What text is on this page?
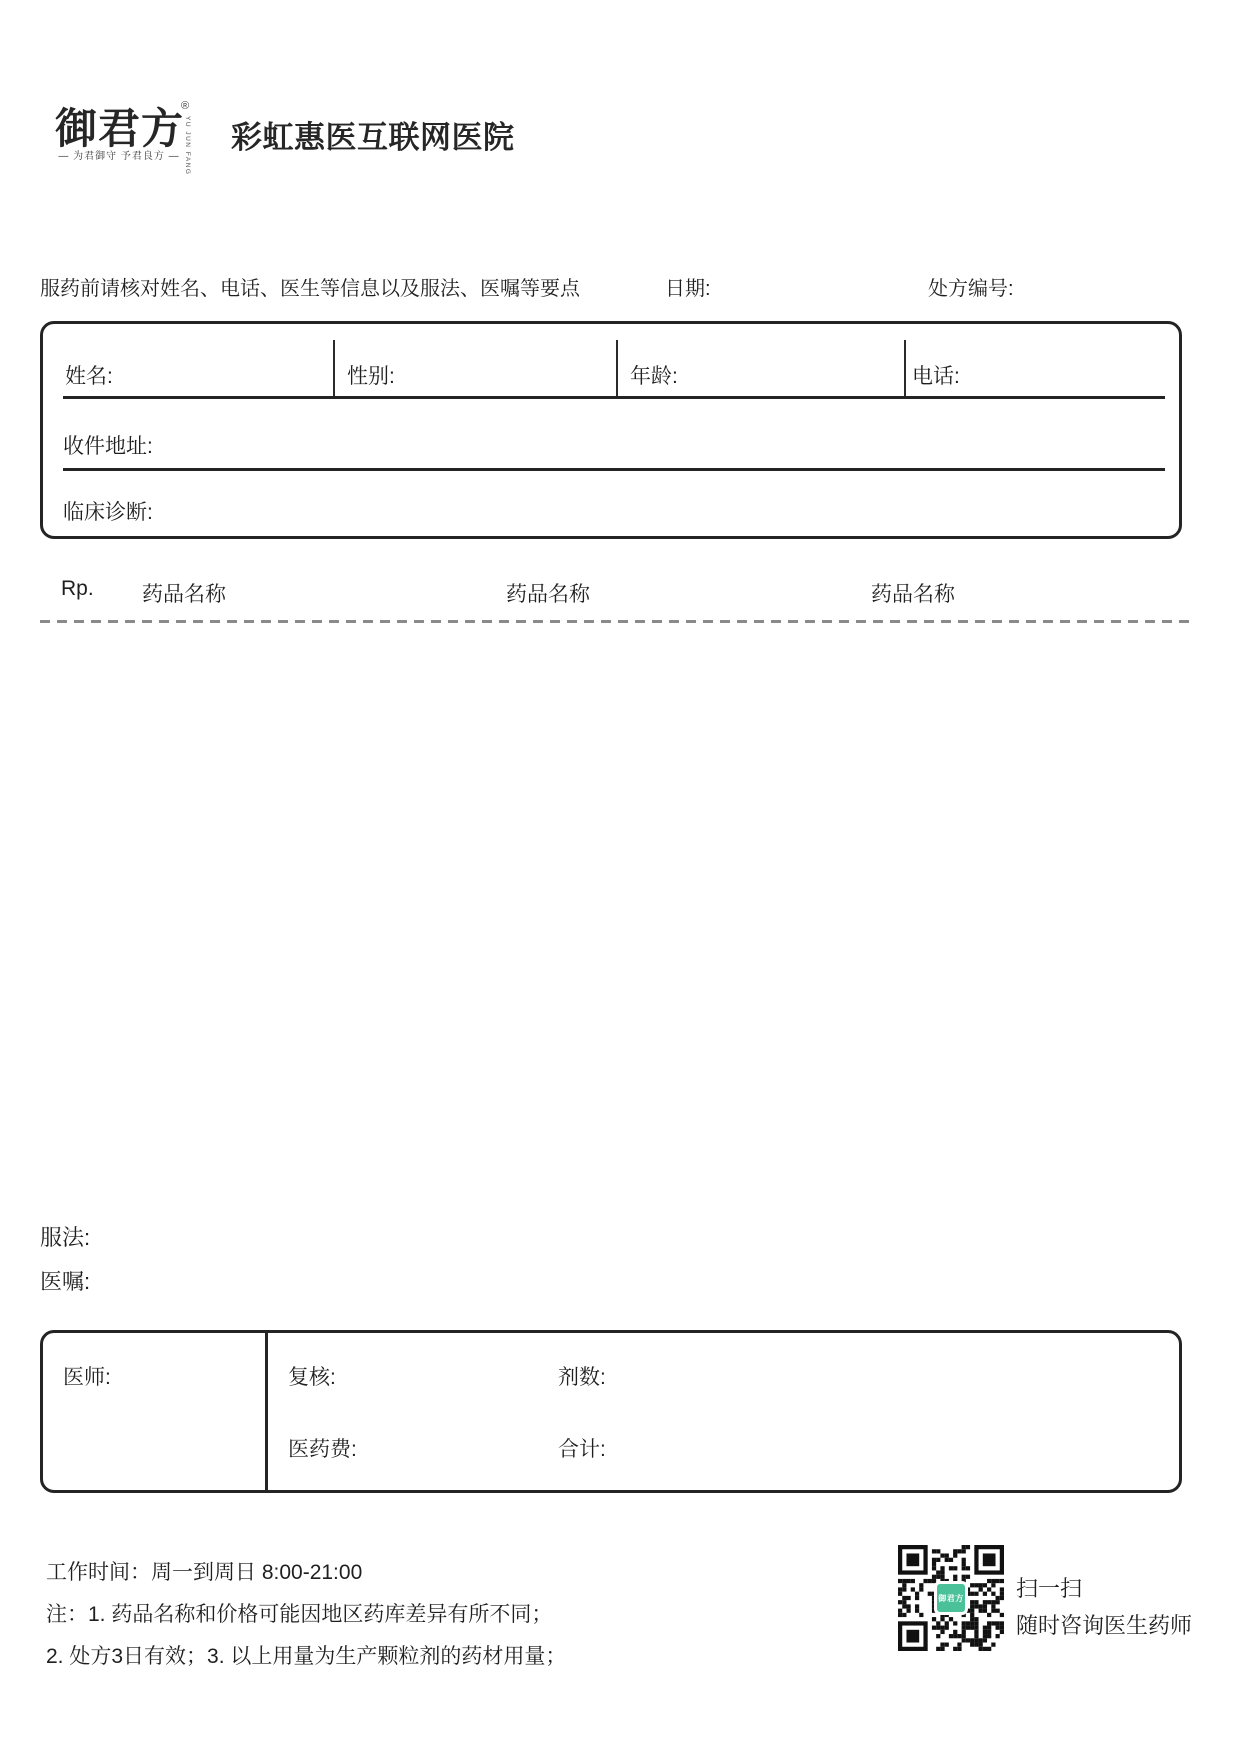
御君方
®
YU JUN FANG
— 为君御守 予君良方 —
彩虹惠医互联网医院
服药前请核对姓名、电话、医生等信息以及服法、医嘱等要点	日期:	处方编号:
姓名:	性别:	年龄:	电话:
收件地址:
临床诊断:
Rp. 药品名称	药品名称	药品名称
服法:
医嘱:
医师:	复核:	剂数:
医药费:	合计:
工作时间：周一到周日 8:00-21:00
注：1. 药品名称和价格可能因地区药库差异有所不同；
2. 处方3日有效；3. 以上用量为生产颗粒剂的药材用量；
御君方 扫一扫
随时咨询医生药师
